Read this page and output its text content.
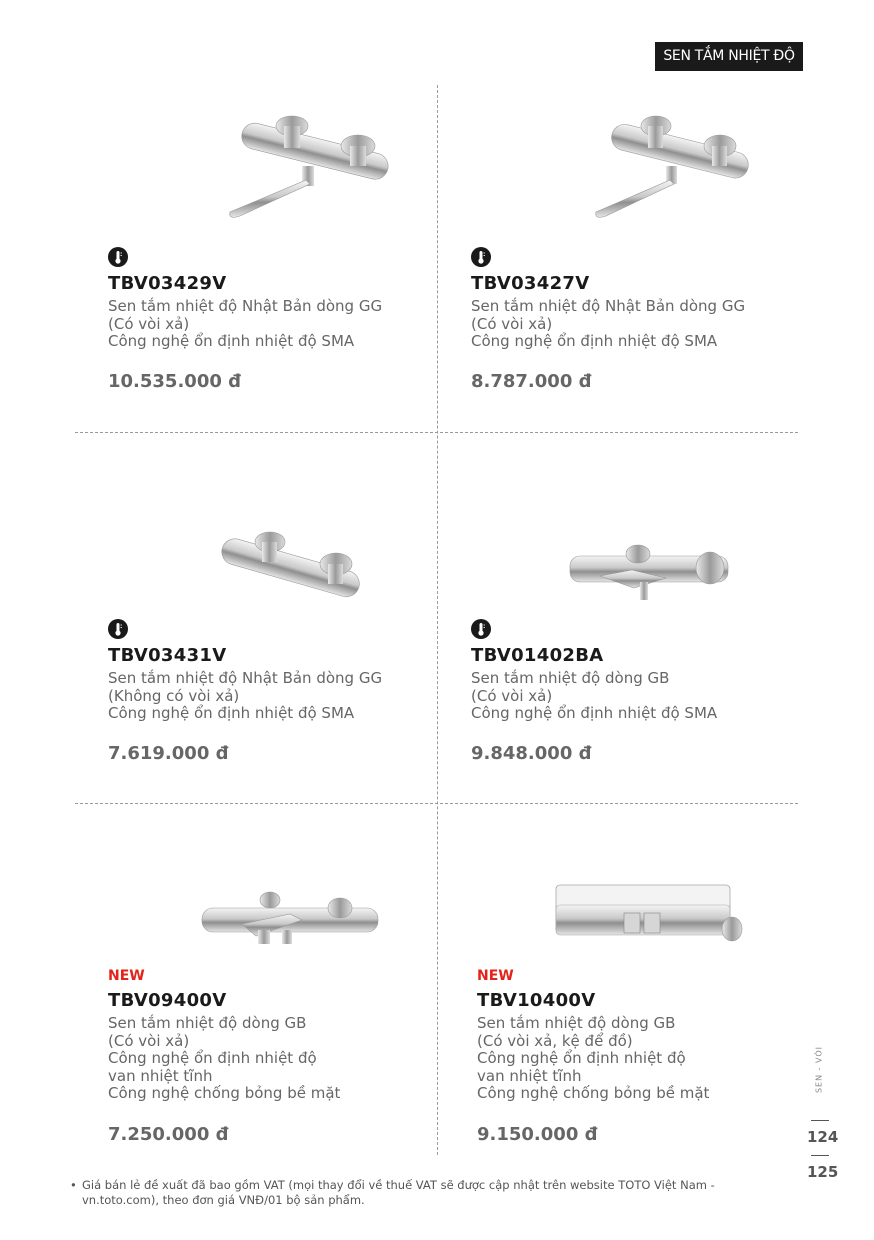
SEN TẮM NHIỆT ĐỘ
TBV03429V
Sen tắm nhiệt độ Nhật Bản dòng GG
(Có vòi xả)
Công nghệ ổn định nhiệt độ SMA
10.535.000 đ
TBV03427V
Sen tắm nhiệt độ Nhật Bản dòng GG
(Có vòi xả)
Công nghệ ổn định nhiệt độ SMA
8.787.000 đ
TBV03431V
Sen tắm nhiệt độ Nhật Bản dòng GG
(Không có vòi xả)
Công nghệ ổn định nhiệt độ SMA
7.619.000 đ
TBV01402BA
Sen tắm nhiệt độ dòng GB
(Có vòi xả)
Công nghệ ổn định nhiệt độ SMA
9.848.000 đ
NEW
TBV09400V
Sen tắm nhiệt độ dòng GB
(Có vòi xả)
Công nghệ ổn định nhiệt độ
van nhiệt tĩnh
Công nghệ chống bỏng bề mặt
7.250.000 đ
NEW
TBV10400V
Sen tắm nhiệt độ dòng GB
(Có vòi xả, kệ để đồ)
Công nghệ ổn định nhiệt độ
van nhiệt tĩnh
Công nghệ chống bỏng bề mặt
9.150.000 đ
SEN - VÒI
124
125
• Giá bán lẻ đề xuất đã bao gồm VAT (mọi thay đổi về thuế VAT sẽ được cập nhật trên website TOTO Việt Nam - vn.toto.com), theo đơn giá VNĐ/01 bộ sản phẩm.
